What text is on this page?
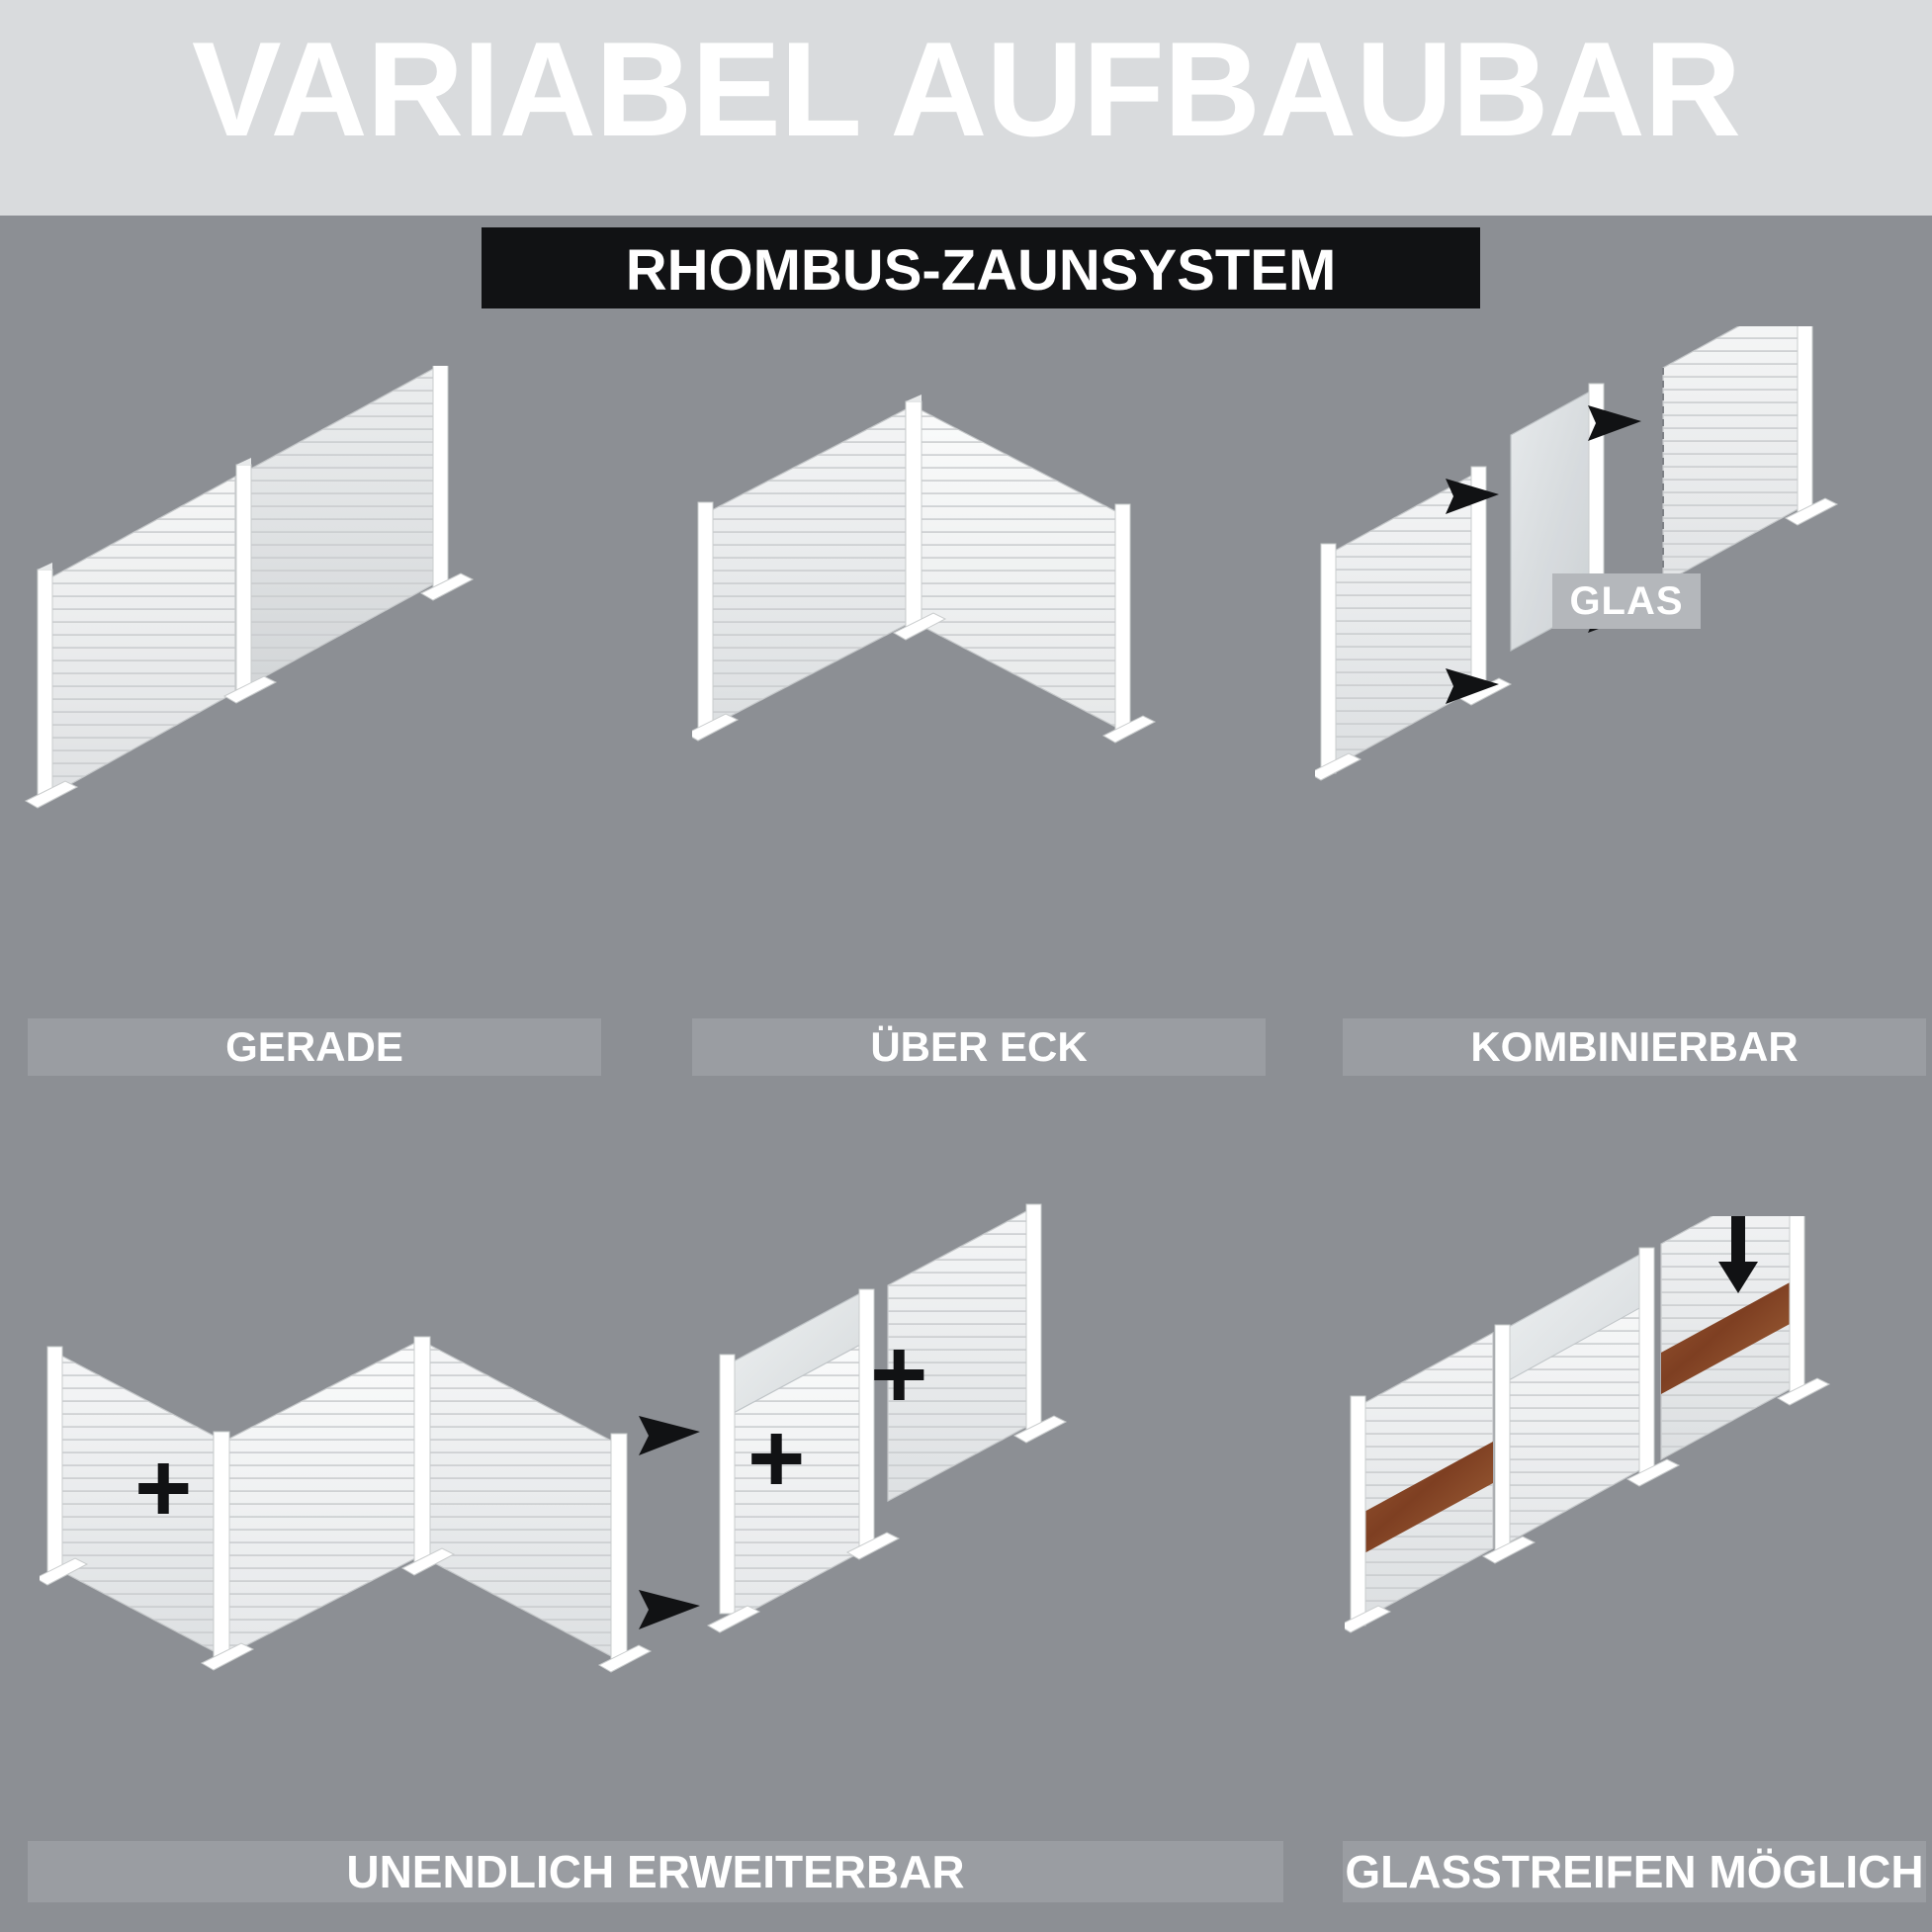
VARIABEL AUFBAUBAR
RHOMBUS-ZAUNSYSTEM
GERADE	ÜBER ECK
GLAS
KOMBINIERBAR
+	+
+
UNENDLICH ERWEITERBAR	GLASSTREIFEN MÖGLICH
